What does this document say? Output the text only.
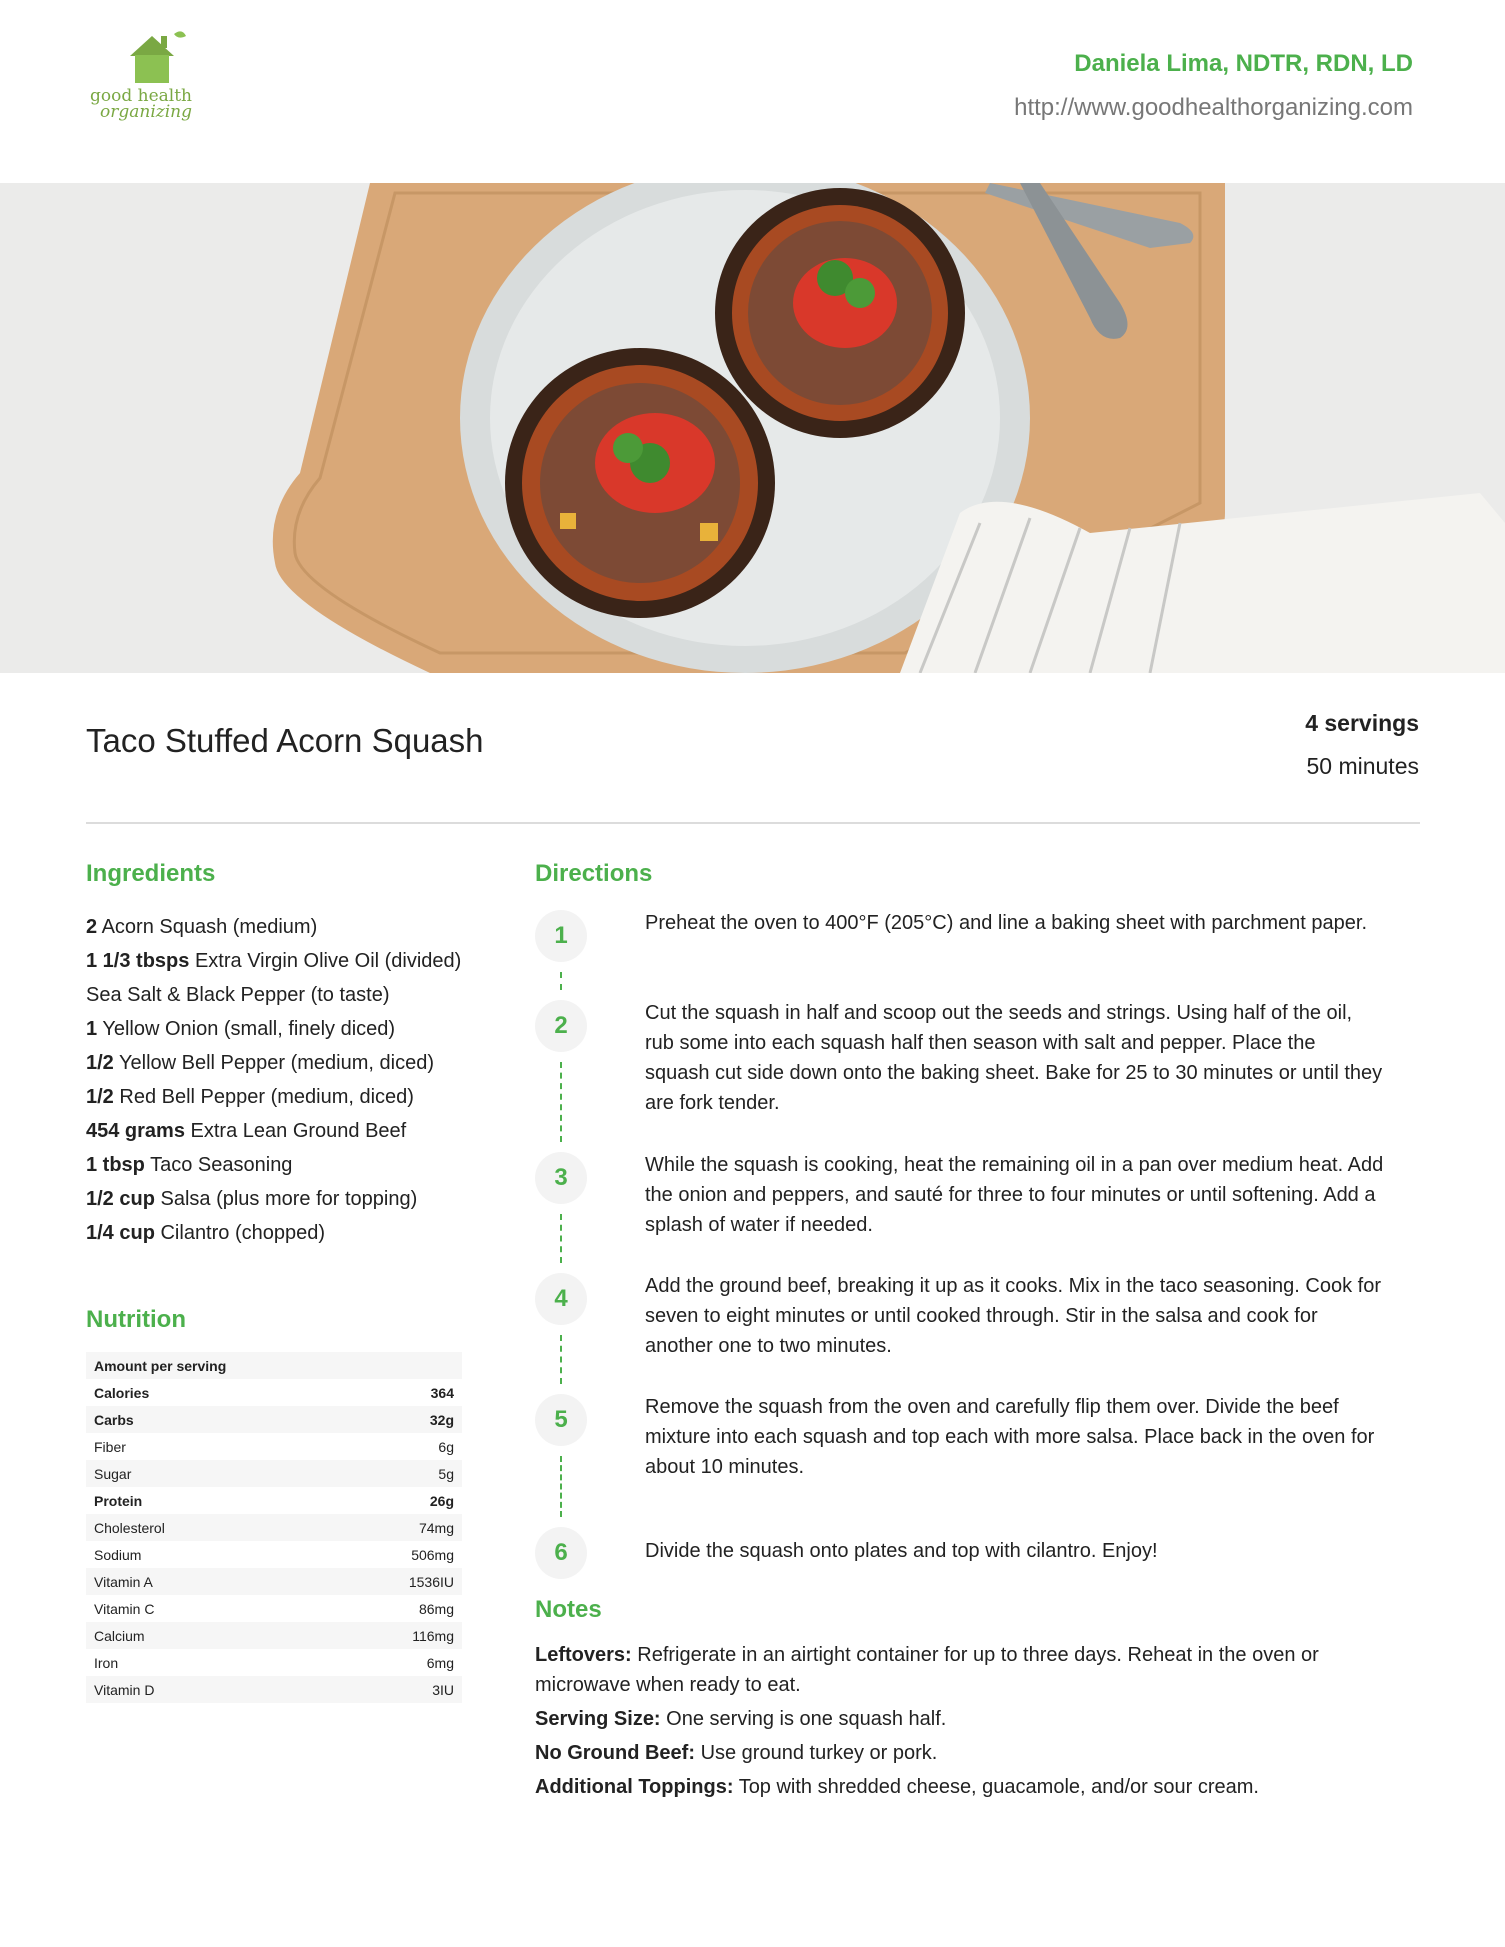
good health
organizing
Daniela Lima, NDTR, RDN, LD
http://www.goodhealthorganizing.com
Taco Stuffed Acorn Squash	4 servings
50 minutes
Ingredients
2 Acorn Squash (medium)
1 1/3 tbsps Extra Virgin Olive Oil (divided)
Sea Salt & Black Pepper (to taste)
1 Yellow Onion (small, finely diced)
1/2 Yellow Bell Pepper (medium, diced)
1/2 Red Bell Pepper (medium, diced)
454 grams Extra Lean Ground Beef
1 tbsp Taco Seasoning
1/2 cup Salsa (plus more for topping)
1/4 cup Cilantro (chopped)
Nutrition
Amount per serving
Calories	364
Carbs	32g
Fiber	6g
Sugar	5g
Protein	26g
Cholesterol	74mg
Sodium	506mg
Vitamin A	1536IU
Vitamin C	86mg
Calcium	116mg
Iron	6mg
Vitamin D	3IU
Directions
1	Preheat the oven to 400°F (205°C) and line a baking sheet with parchment paper.
2	Cut the squash in half and scoop out the seeds and strings. Using half of the oil, rub some into each squash half then season with salt and pepper. Place the squash cut side down onto the baking sheet. Bake for 25 to 30 minutes or until they are fork tender.
3	While the squash is cooking, heat the remaining oil in a pan over medium heat. Add the onion and peppers, and sauté for three to four minutes or until softening. Add a splash of water if needed.
4	Add the ground beef, breaking it up as it cooks. Mix in the taco seasoning. Cook for seven to eight minutes or until cooked through. Stir in the salsa and cook for another one to two minutes.
5	Remove the squash from the oven and carefully flip them over. Divide the beef mixture into each squash and top each with more salsa. Place back in the oven for about 10 minutes.
6	Divide the squash onto plates and top with cilantro. Enjoy!
Notes

Leftovers: Refrigerate in an airtight container for up to three days. Reheat in the oven or microwave when ready to eat.

Serving Size: One serving is one squash half.

No Ground Beef: Use ground turkey or pork.

Additional Toppings: Top with shredded cheese, guacamole, and/or sour cream.
